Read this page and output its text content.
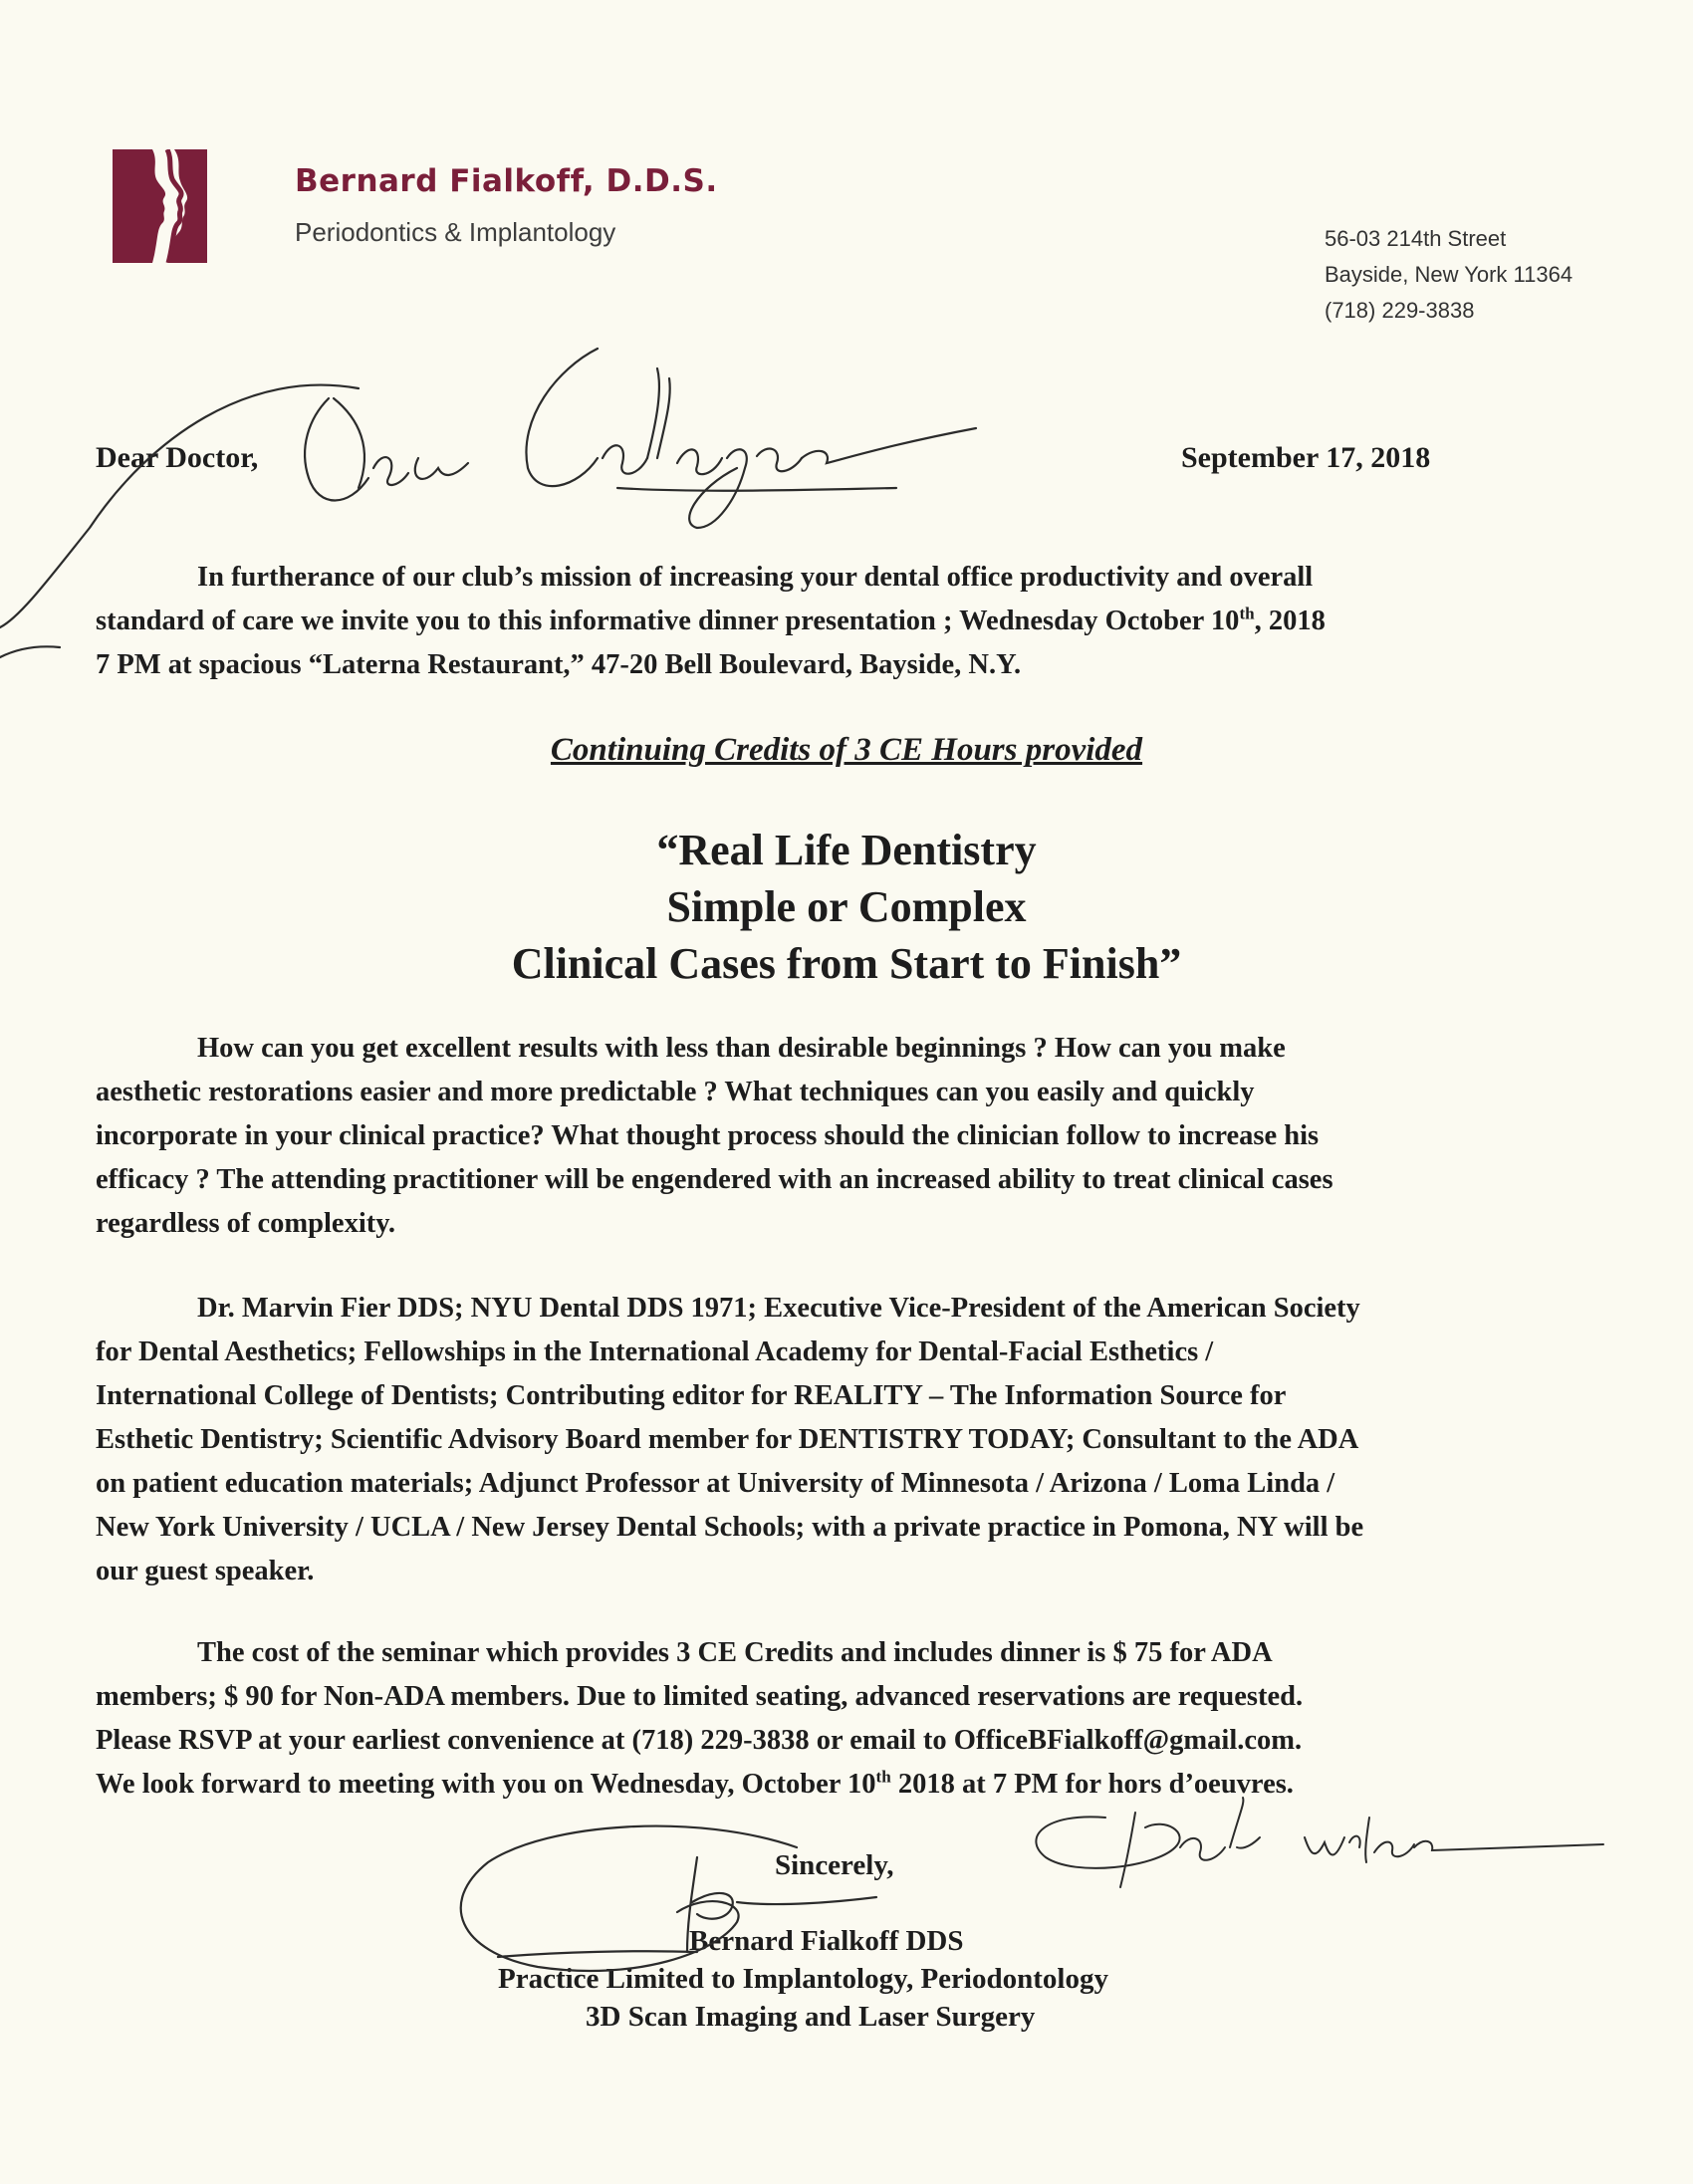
Bernard Fialkoff, D.D.S.
Periodontics & Implantology	56-03 214th Street
Bayside, New York 11364
(718) 229-3838
Dear Doctor,	September 17, 2018
In furtherance of our club’s mission of increasing your dental office productivity and overall
standard of care we invite you to this informative dinner presentation ; Wednesday October 10th, 2018
7 PM at spacious “Laterna Restaurant,” 47-20 Bell Boulevard, Bayside, N.Y.
Continuing Credits of 3 CE Hours provided
“Real Life Dentistry
Simple or Complex
Clinical Cases from Start to Finish”
How can you get excellent results with less than desirable beginnings ? How can you make
aesthetic restorations easier and more predictable ? What techniques can you easily and quickly
incorporate in your clinical practice? What thought process should the clinician follow to increase his
efficacy ? The attending practitioner will be engendered with an increased ability to treat clinical cases
regardless of complexity.
Dr. Marvin Fier DDS; NYU Dental DDS 1971; Executive Vice-President of the American Society
for Dental Aesthetics; Fellowships in the International Academy for Dental-Facial Esthetics /
International College of Dentists; Contributing editor for REALITY – The Information Source for
Esthetic Dentistry; Scientific Advisory Board member for DENTISTRY TODAY; Consultant to the ADA
on patient education materials; Adjunct Professor at University of Minnesota / Arizona / Loma Linda /
New York University / UCLA / New Jersey Dental Schools; with a private practice in Pomona, NY will be
our guest speaker.
The cost of the seminar which provides 3 CE Credits and includes dinner is $ 75 for ADA
members; $ 90 for Non-ADA members. Due to limited seating, advanced reservations are requested.
Please RSVP at your earliest convenience at (718) 229-3838 or email to OfficeBFialkoff@gmail.com.
We look forward to meeting with you on Wednesday, October 10th 2018 at 7 PM for hors d’oeuvres.
Sincerely,
Bernard Fialkoff DDS
Practice Limited to Implantology, Periodontology
3D Scan Imaging and Laser Surgery
